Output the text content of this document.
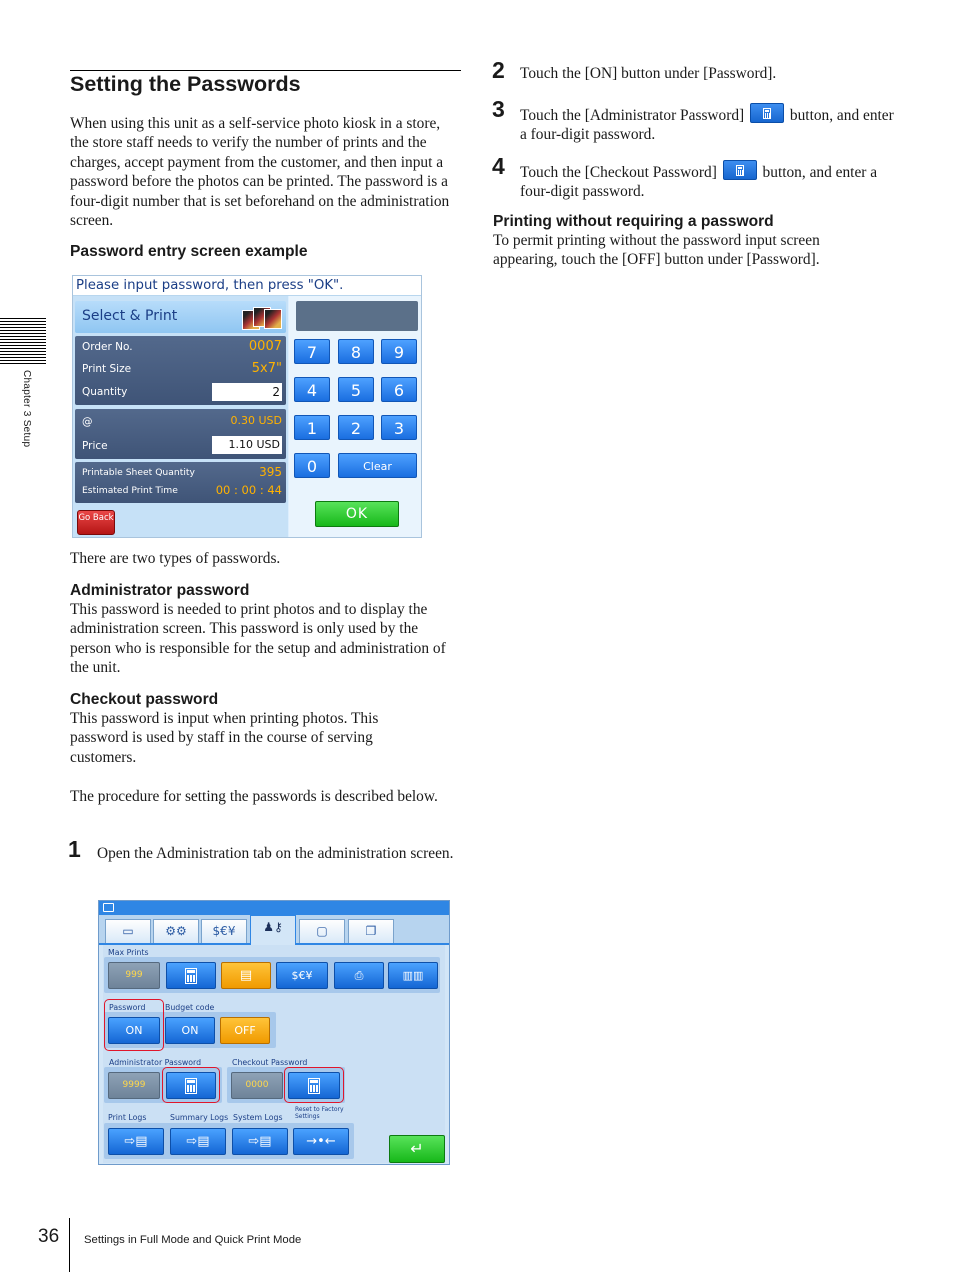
Chapter 3 Setup
Setting the Passwords
When using this unit as a self-service photo kiosk in a store, the store staff needs to verify the number of prints and the charges, accept payment from the customer, and then input a password before the photos can be printed. The password is a four-digit number that is set beforehand on the administration screen.
Password entry screen example
Please input password, then press "OK".
Select & Print
Order No.	0007
Print Size	5x7"
Quantity	2
@	0.30 USD
Price	1.10 USD
Printable Sheet Quantity	395
Estimated Print Time	00 : 00 : 44
Go Back
7	8	9
4	5	6
1	2	3
0	Clear
OK
There are two types of passwords.
Administrator password
This password is needed to print photos and to display the administration screen. This password is only used by the person who is responsible for the setup and administration of the unit.
Checkout password
This password is input when printing photos. This password is used by staff in the course of serving customers.
The procedure for setting the passwords is described below.
1 Open the Administration tab on the administration screen.
▭	⚙⚙	$€¥	♟⚷	▢	❐
Max Prints
999	▤	$€¥	⎙	▥▥
Password	Budget code
ON	ON	OFF
Administrator Password	Checkout Password
9999	0000
Print Logs	Summary Logs System Logs
Reset to Factory Settings
⇨▤	⇨▤	⇨▤	→•←	↵
2 Touch the [ON] button under [Password].
3 Touch the [Administrator Password]	button, and enter a four-digit password.
4 Touch the [Checkout Password]	button, and enter a four-digit password.
Printing without requiring a password
To permit printing without the password input screen appearing, touch the [OFF] button under [Password].
36 Settings in Full Mode and Quick Print Mode
